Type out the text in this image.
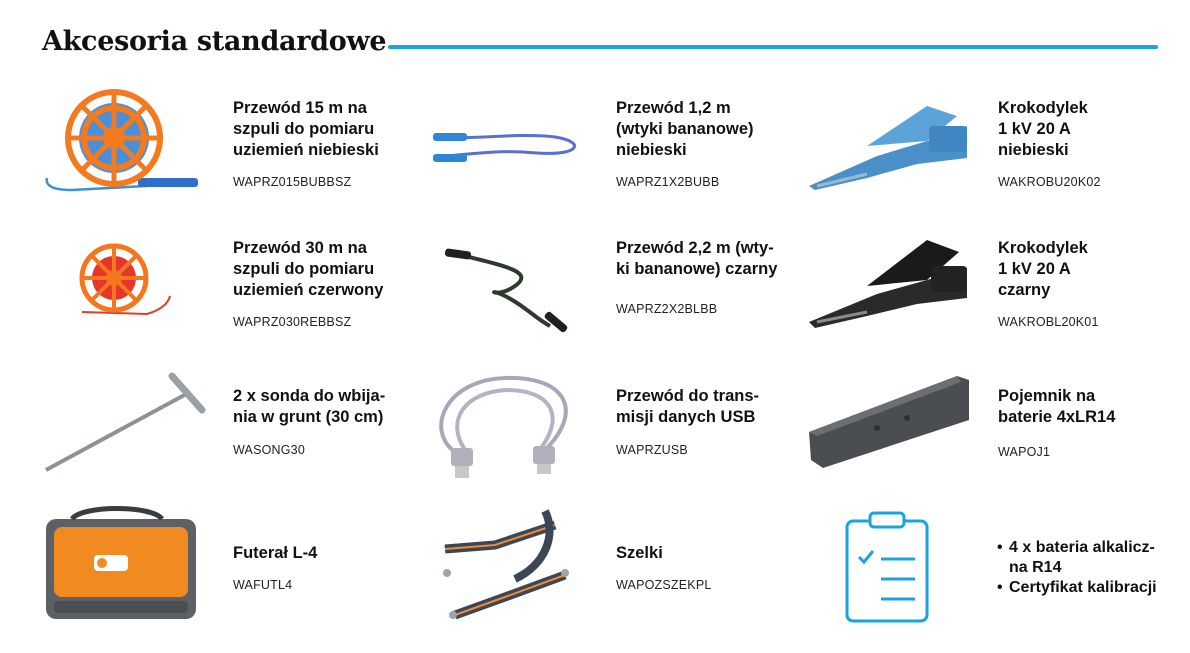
Akcesoria standardowe
Przewód 15 m na
szpuli do pomiaru
uziemień niebieski
WAPRZ015BUBBSZ
Przewód 1,2 m
(wtyki bananowe)
niebieski
WAPRZ1X2BUBB
Krokodylek
1 kV 20 A
niebieski
WAKROBU20K02
Przewód 30 m na
szpuli do pomiaru
uziemień czerwony
WAPRZ030REBBSZ
Przewód 2,2 m (wty-
ki bananowe) czarny
WAPRZ2X2BLBB
Krokodylek
1 kV 20 A
czarny
WAKROBL20K01
2 x sonda do wbija-
nia w grunt (30 cm)
WASONG30
Przewód do trans-
misji danych USB
WAPRZUSB
Pojemnik na
baterie 4xLR14
WAPOJ1
Futerał L-4
WAFUTL4
Szelki
WAPOZSZEKPL
• 4 x bateria alkalicz-
na R14
• Certyfikat kalibracji
